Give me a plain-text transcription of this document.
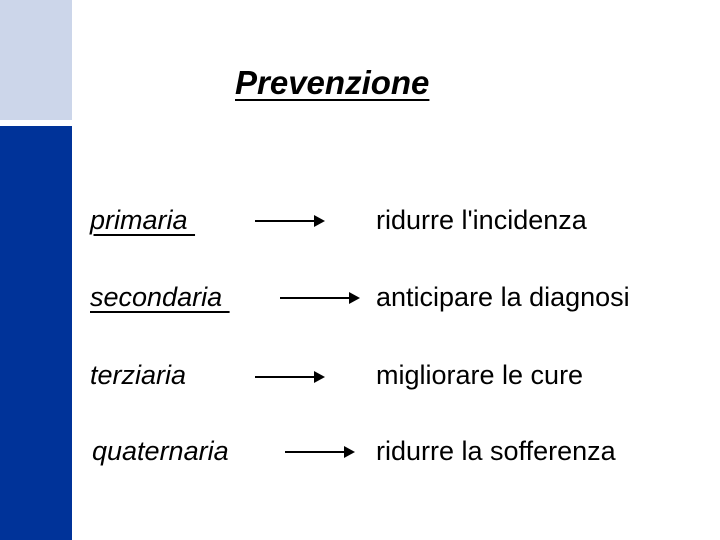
Prevenzione
primaria	ridurre l'incidenza
secondaria	anticipare la diagnosi
terziaria	migliorare le cure
quaternaria	ridurre la sofferenza
